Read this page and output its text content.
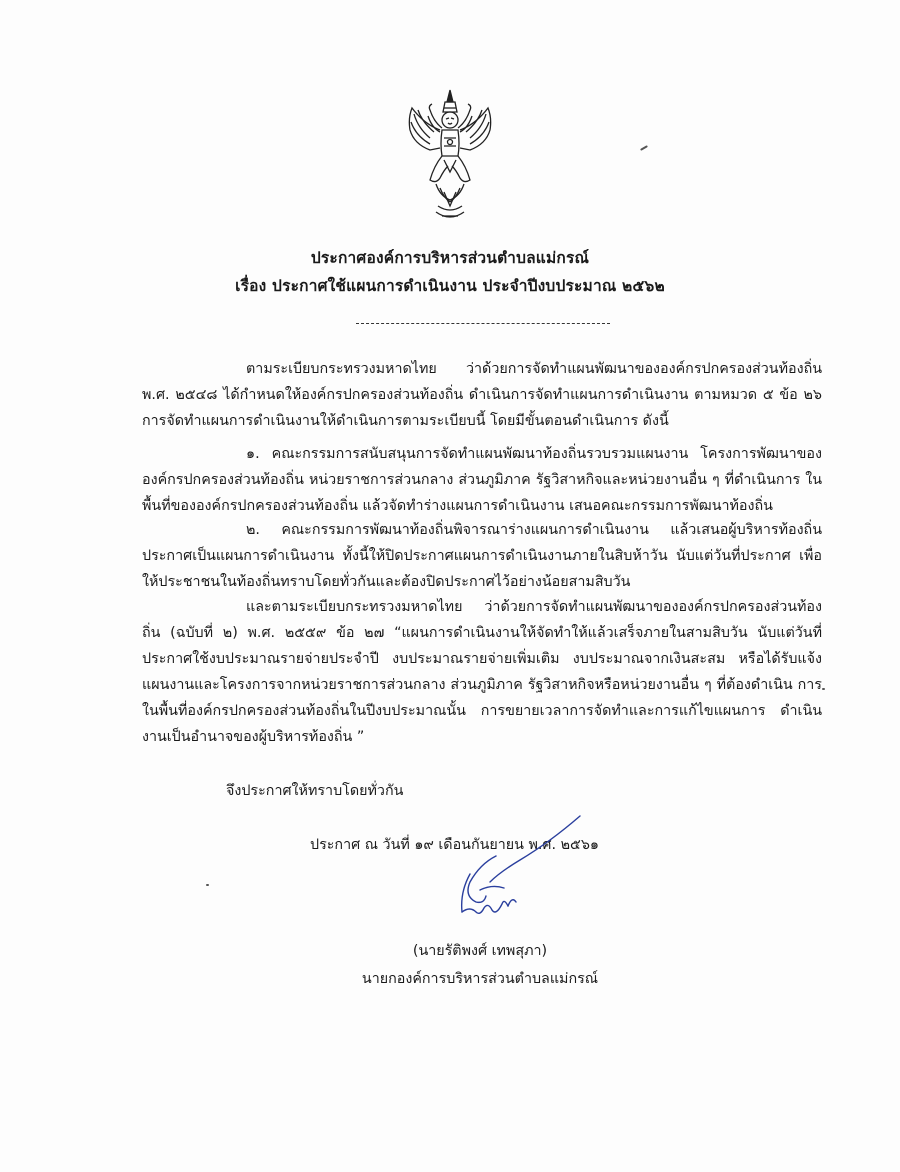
ประกาศองค์การบริหารส่วนตำบลแม่กรณ์
เรื่อง ประกาศใช้แผนการดำเนินงาน ประจำปีงบประมาณ ๒๕๖๒

ตามระเบียบกระทรวงมหาดไทย ว่าด้วยการจัดทำแผนพัฒนาขององค์กรปกครองส่วนท้องถิ่น พ.ศ. ๒๕๔๘ ได้กำหนดให้องค์กรปกครองส่วนท้องถิ่น ดำเนินการจัดทำแผนการดำเนินงาน ตามหมวด ๕ ข้อ ๒๖ การจัดทำแผนการดำเนินงานให้ดำเนินการตามระเบียบนี้ โดยมีขั้นตอนดำเนินการ ดังนี้

๑. คณะกรรมการสนับสนุนการจัดทำแผนพัฒนาท้องถิ่นรวบรวมแผนงาน โครงการพัฒนาของ องค์กรปกครองส่วนท้องถิ่น หน่วยราชการส่วนกลาง ส่วนภูมิภาค รัฐวิสาหกิจและหน่วยงานอื่น ๆ ที่ดำเนินการ ในพื้นที่ขององค์กรปกครองส่วนท้องถิ่น แล้วจัดทำร่างแผนการดำเนินงาน เสนอคณะกรรมการพัฒนาท้องถิ่น

๒. คณะกรรมการพัฒนาท้องถิ่นพิจารณาร่างแผนการดำเนินงาน แล้วเสนอผู้บริหารท้องถิ่น ประกาศเป็นแผนการดำเนินงาน ทั้งนี้ให้ปิดประกาศแผนการดำเนินงานภายในสิบห้าวัน นับแต่วันที่ประกาศ เพื่อให้ประชาชนในท้องถิ่นทราบโดยทั่วกันและต้องปิดประกาศไว้อย่างน้อยสามสิบวัน

และตามระเบียบกระทรวงมหาดไทย ว่าด้วยการจัดทำแผนพัฒนาขององค์กรปกครองส่วนท้อง ถิ่น (ฉบับที่ ๒) พ.ศ. ๒๕๕๙ ข้อ ๒๗ “แผนการดำเนินงานให้จัดทำให้แล้วเสร็จภายในสามสิบวัน นับแต่วันที่ ประกาศใช้งบประมาณรายจ่ายประจำปี งบประมาณรายจ่ายเพิ่มเติม งบประมาณจากเงินสะสม หรือได้รับแจ้ง แผนงานและโครงการจากหน่วยราชการส่วนกลาง ส่วนภูมิภาค รัฐวิสาหกิจหรือหน่วยงานอื่น ๆ ที่ต้องดำเนิน การในพื้นที่องค์กรปกครองส่วนท้องถิ่นในปีงบประมาณนั้น การขยายเวลาการจัดทำและการแก้ไขแผนการ ดำเนินงานเป็นอำนาจของผู้บริหารท้องถิ่น ”

จึงประกาศให้ทราบโดยทั่วกัน
ประกาศ ณ วันที่ ๑๙ เดือนกันยายน พ.ศ. ๒๕๖๑
(นายรัติพงศ์ เทพสุภา)
นายกองค์การบริหารส่วนตำบลแม่กรณ์
